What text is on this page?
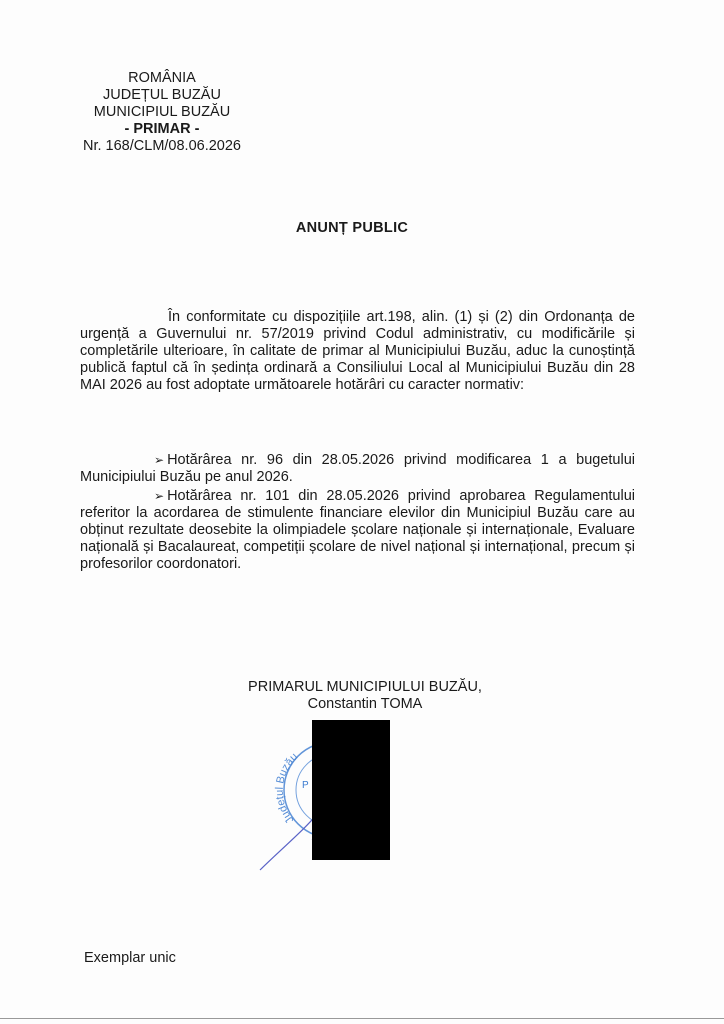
ROMÂNIA
JUDEȚUL BUZĂU
MUNICIPIUL BUZĂU
- PRIMAR -
Nr. 168/CLM/08.06.2026
ANUNȚ PUBLIC
În conformitate cu dispozițiile art.198, alin. (1) și (2) din Ordonanța de urgență a Guvernului nr. 57/2019 privind Codul administrativ, cu modificările și completările ulterioare, în calitate de primar al Municipiului Buzău, aduc la cunoștință publică faptul că în ședința ordinară a Consiliului Local al Municipiului Buzău din 28 MAI 2026 au fost adoptate următoarele hotărâri cu caracter normativ:
➢ Hotărârea nr. 96 din 28.05.2026 privind modificarea 1 a bugetului Municipiului Buzău pe anul 2026.
➢ Hotărârea nr. 101 din 28.05.2026 privind aprobarea Regulamentului referitor la acordarea de stimulente financiare elevilor din Municipiul Buzău care au obținut rezultate deosebite la olimpiadele școlare naționale și internaționale, Evaluare națională și Bacalaureat, competiții școlare de nivel național și internațional, precum și profesorilor coordonatori.
PRIMARUL MUNICIPIULUI BUZĂU,
Constantin TOMA
Județul Buzău
P
Exemplar unic
